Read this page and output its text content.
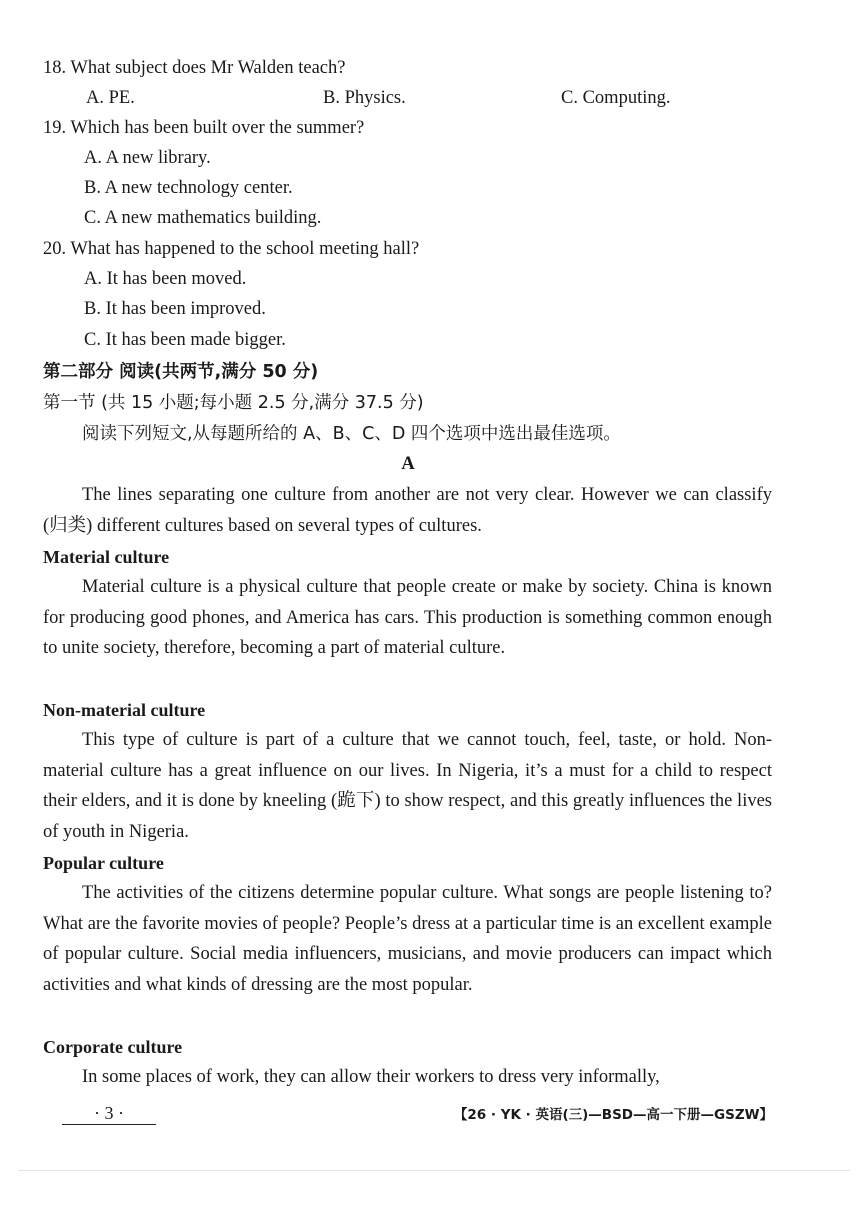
18. What subject does Mr Walden teach?
A. PE.	B. Physics.	C. Computing.
19. Which has been built over the summer?
A. A new library.
B. A new technology center.
C. A new mathematics building.
20. What has happened to the school meeting hall?
A. It has been moved.
B. It has been improved.
C. It has been made bigger.
第二部分 阅读(共两节,满分 50 分)
第一节 (共 15 小题;每小题 2.5 分,满分 37.5 分)
阅读下列短文,从每题所给的 A、B、C、D 四个选项中选出最佳选项。
A
The lines separating one culture from another are not very clear. However we can classify (归类) different cultures based on several types of cultures.
Material culture
Material culture is a physical culture that people create or make by society. China is known for producing good phones, and America has cars. This production is something common enough to unite society, therefore, becoming a part of material culture.
Non-material culture
This type of culture is part of a culture that we cannot touch, feel, taste, or hold. Non-material culture has a great influence on our lives. In Nigeria, it’s a must for a child to respect their elders, and it is done by kneeling (跪下) to show respect, and this greatly influences the lives of youth in Nigeria.
Popular culture
The activities of the citizens determine popular culture. What songs are people listening to? What are the favorite movies of people? People’s dress at a particular time is an excellent example of popular culture. Social media influencers, musicians, and movie producers can impact which activities and what kinds of dressing are the most popular.
Corporate culture
In some places of work, they can allow their workers to dress very informally,
· 3 ·	【26 · YK · 英语(三)—BSD—高一下册—GSZW】
